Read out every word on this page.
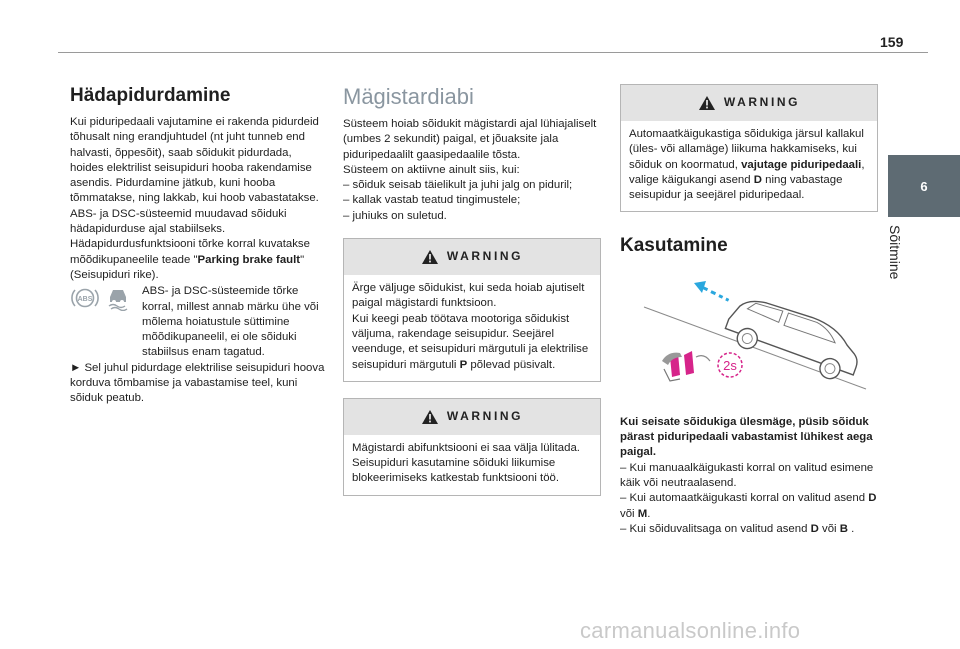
159
6
Sõitmine
Hädapidurdamine

Kui piduripedaali vajutamine ei rakenda pidurdeid tõhusalt ning erandjuhtudel (nt juht tunneb end halvasti, õppesõit), saab sõidukit pidurdada, hoides elektrilist seisupiduri hooba rakendamise asendis. Pidurdamine jätkub, kuni hooba tõmmatakse, ning lakkab, kui hoob vabastatakse.

ABS- ja DSC-süsteemid muudavad sõiduki hädapidurduse ajal stabiilseks.

Hädapidurdusfunktsiooni tõrke korral kuvatakse mõõdikupaneelile teade "Parking brake fault" (Seisupiduri rike).

ABS

ABS- ja DSC-süsteemide tõrke korral, millest annab märku ühe või mõlema hoiatustule süttimine mõõdikupaneelil, ei ole sõiduki stabiilsus enam tagatud.

► Sel juhul pidurdage elektrilise seisupiduri hoova korduva tõmbamise ja vabastamise teel, kuni sõiduk peatub.

Mägistardiabi

Süsteem hoiab sõidukit mägistardi ajal lühiajaliselt (umbes 2 sekundit) paigal, et jõuaksite jala piduripedaalilt gaasipedaalile tõsta.

Süsteem on aktiivne ainult siis, kui:

– sõiduk seisab täielikult ja juhi jalg on piduril;

– kallak vastab teatud tingimustele;

– juhiuks on suletud.

WARNING

Ärge väljuge sõidukist, kui seda hoiab ajutiselt paigal mägistardi funktsioon.

Kui keegi peab töötava mootoriga sõidukist väljuma, rakendage seisupidur. Seejärel veenduge, et seisupiduri märgutuli ja elektrilise seisupiduri märgutuli P põlevad püsivalt.

WARNING

Mägistardi abifunktsiooni ei saa välja lülitada. Seisupiduri kasutamine sõiduki liikumise blokeerimiseks katkestab funktsiooni töö.

WARNING

Automaatkäigukastiga sõidukiga järsul kallakul (üles- või allamäge) liikuma hakkamiseks, kui sõiduk on koormatud, vajutage piduripedaali, valige käigukangi asend D ning vabastage seisupidur ja seejärel piduripedaal.

Kasutamine
2s

Kui seisate sõidukiga ülesmäge, püsib sõiduk pärast piduripedaali vabastamist lühikest aega paigal.

– Kui manuaalkäigukasti korral on valitud esimene käik või neutraalasend.

– Kui automaatkäigukasti korral on valitud asend D või M.

– Kui sõiduvalitsaga on valitud asend D või B .

carmanualsonline.info
